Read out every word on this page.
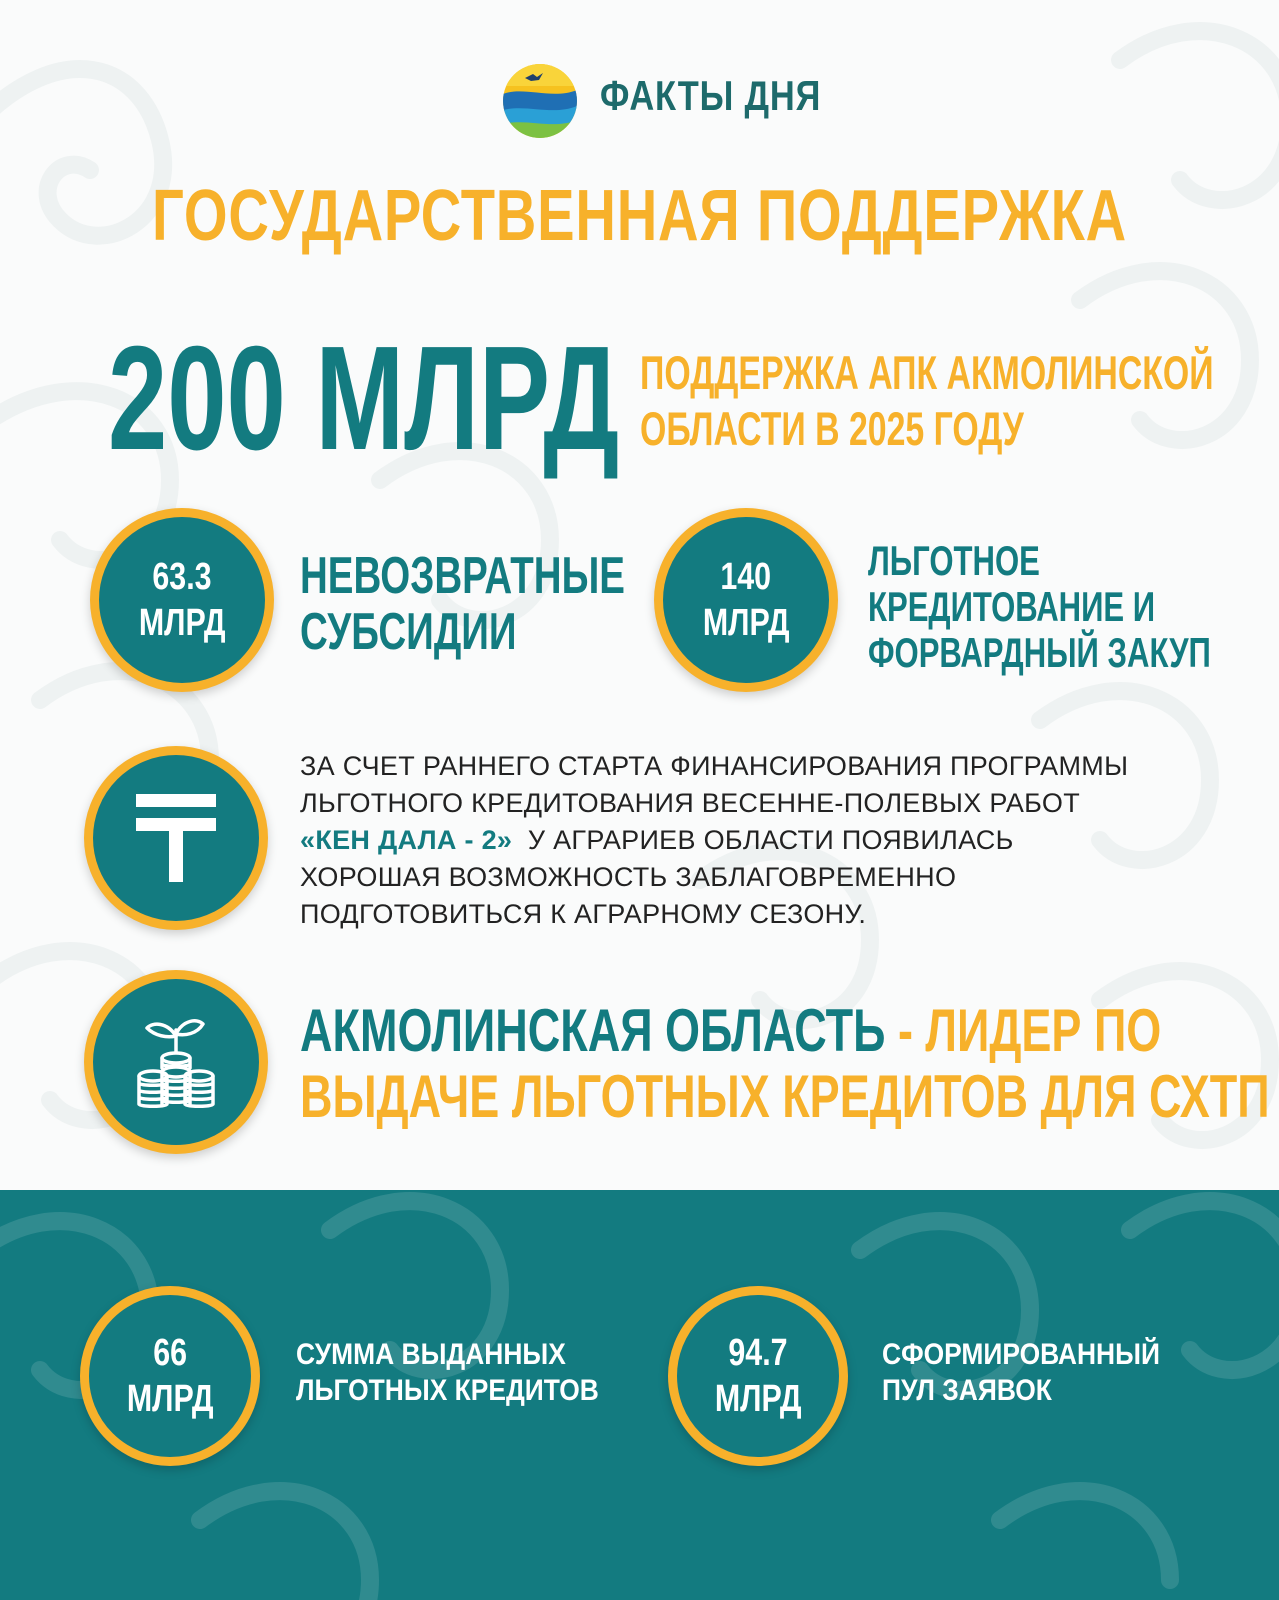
ФАКТЫ ДНЯ
ГОСУДАРСТВЕННАЯ ПОДДЕРЖКА
200 МЛРД ПОДДЕРЖКА АПК АКМОЛИНСКОЙ
ОБЛАСТИ В 2025 ГОДУ
63.3
МЛРД
НЕВОЗВРАТНЫЕ
СУБСИДИИ
140
МЛРД
ЛЬГОТНОЕ
КРЕДИТОВАНИЕ И
ФОРВАРДНЫЙ ЗАКУП
ЗА СЧЕТ РАННЕГО СТАРТА ФИНАНСИРОВАНИЯ ПРОГРАММЫ
ЛЬГОТНОГО КРЕДИТОВАНИЯ ВЕСЕННЕ-ПОЛЕВЫХ РАБОТ
«КЕН ДАЛА - 2»  У АГРАРИЕВ ОБЛАСТИ ПОЯВИЛАСЬ
ХОРОШАЯ ВОЗМОЖНОСТЬ ЗАБЛАГОВРЕМЕННО
ПОДГОТОВИТЬСЯ К АГРАРНОМУ СЕЗОНУ.
АКМОЛИНСКАЯ ОБЛАСТЬ - ЛИДЕР ПО
ВЫДАЧЕ ЛЬГОТНЫХ КРЕДИТОВ ДЛЯ СХТП
66
МЛРД
СУММА ВЫДАННЫХ
ЛЬГОТНЫХ КРЕДИТОВ
94.7
МЛРД
СФОРМИРОВАННЫЙ
ПУЛ ЗАЯВОК
